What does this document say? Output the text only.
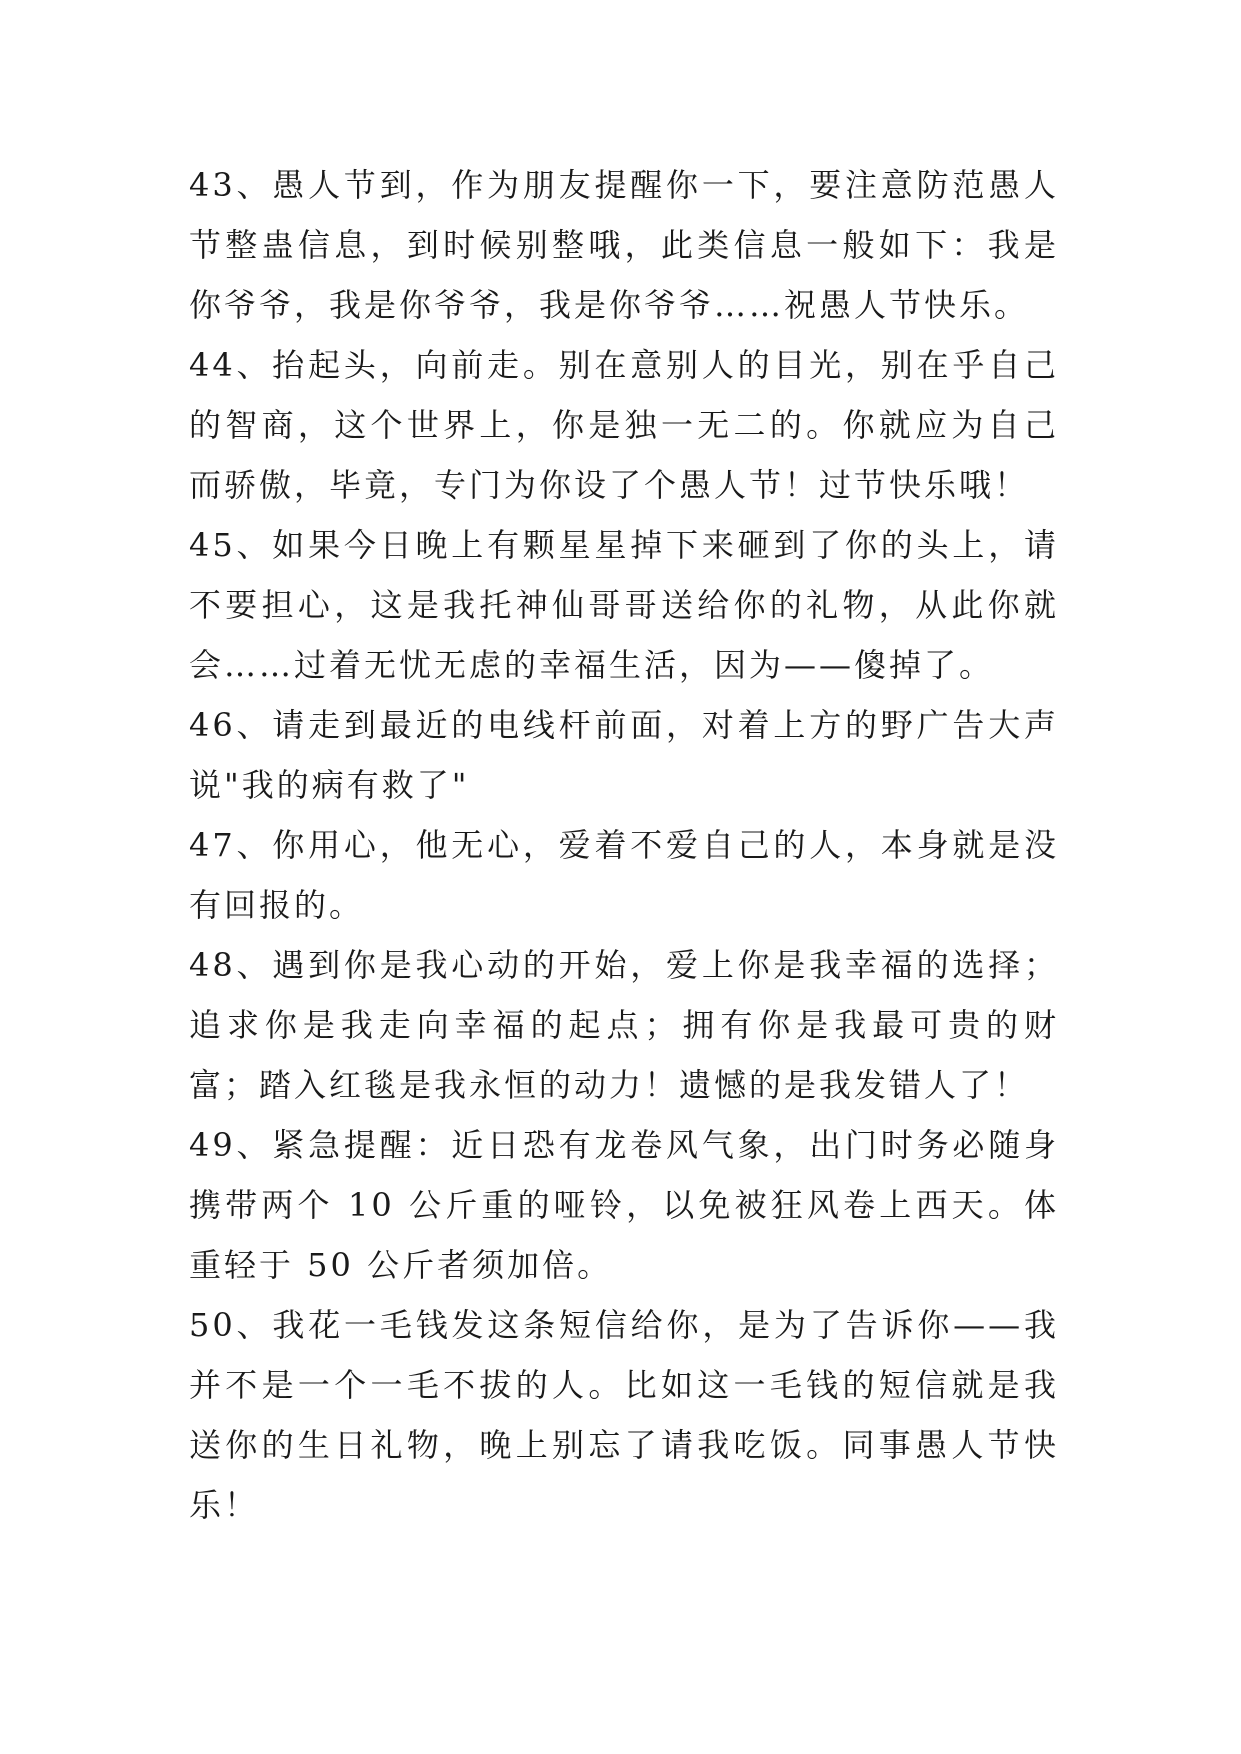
43、愚人节到，作为朋友提醒你一下，要注意防范愚人节整蛊信息，到时候别整哦，此类信息一般如下：我是你爷爷，我是你爷爷，我是你爷爷……祝愚人节快乐。

44、抬起头，向前走。别在意别人的目光，别在乎自己的智商，这个世界上，你是独一无二的。你就应为自己而骄傲，毕竟，专门为你设了个愚人节！过节快乐哦！

45、如果今日晚上有颗星星掉下来砸到了你的头上，请不要担心，这是我托神仙哥哥送给你的礼物，从此你就会……过着无忧无虑的幸福生活，因为——傻掉了。

46、请走到最近的电线杆前面，对着上方的野广告大声说"我的病有救了"

47、你用心，他无心，爱着不爱自己的人，本身就是没有回报的。

48、遇到你是我心动的开始，爱上你是我幸福的选择；追求你是我走向幸福的起点；拥有你是我最可贵的财富；踏入红毯是我永恒的动力！遗憾的是我发错人了！

49、紧急提醒：近日恐有龙卷风气象，出门时务必随身携带两个 10 公斤重的哑铃，以免被狂风卷上西天。体重轻于 50 公斤者须加倍。

50、我花一毛钱发这条短信给你，是为了告诉你——我并不是一个一毛不拔的人。比如这一毛钱的短信就是我送你的生日礼物，晚上别忘了请我吃饭。同事愚人节快乐！
